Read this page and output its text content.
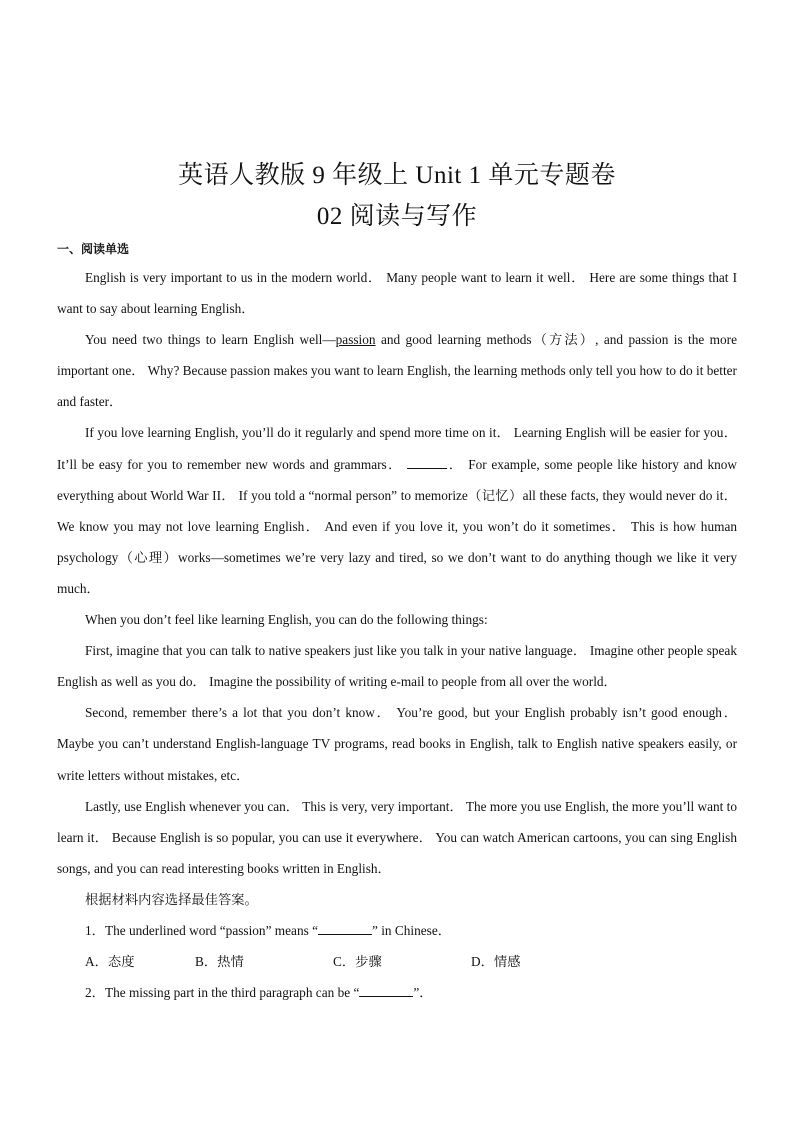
英语人教版 9 年级上 Unit 1 单元专题卷
02 阅读与写作
一、阅读单选

English is very important to us in the modern world． Many people want to learn it well． Here are some things that I want to say about learning English．

You need two things to learn English well—passion and good learning methods（方法）, and passion is the more important one． Why? Because passion makes you want to learn English, the learning methods only tell you how to do it better and faster．

If you love learning English, you’ll do it regularly and spend more time on it． Learning English will be easier for you． It’ll be easy for you to remember new words and grammars．	． For example, some people like history and know everything about World War II． If you told a “normal person” to memorize（记忆）all these facts, they would never do it． We know you may not love learning English． And even if you love it, you won’t do it sometimes． This is how human psychology（心理）works—sometimes we’re very lazy and tired, so we don’t want to do anything though we like it very much．

When you don’t feel like learning English, you can do the following things:

First, imagine that you can talk to native speakers just like you talk in your native language． Imagine other people speak English as well as you do． Imagine the possibility of writing e-mail to people from all over the world．

Second, remember there’s a lot that you don’t know． You’re good, but your English probably isn’t good enough． Maybe you can’t understand English-language TV programs, read books in English, talk to English native speakers easily, or write letters without mistakes, etc．

Lastly, use English whenever you can． This is very, very important． The more you use English, the more you’ll want to learn it． Because English is so popular, you can use it everywhere． You can watch American cartoons, you can sing English songs, and you can read interesting books written in English．

根据材料内容选择最佳答案。

1．The underlined word “passion” means “	” in Chinese．

A．态度	B．热情	C．步骤	D．情感

2．The missing part in the third paragraph can be “	”．
